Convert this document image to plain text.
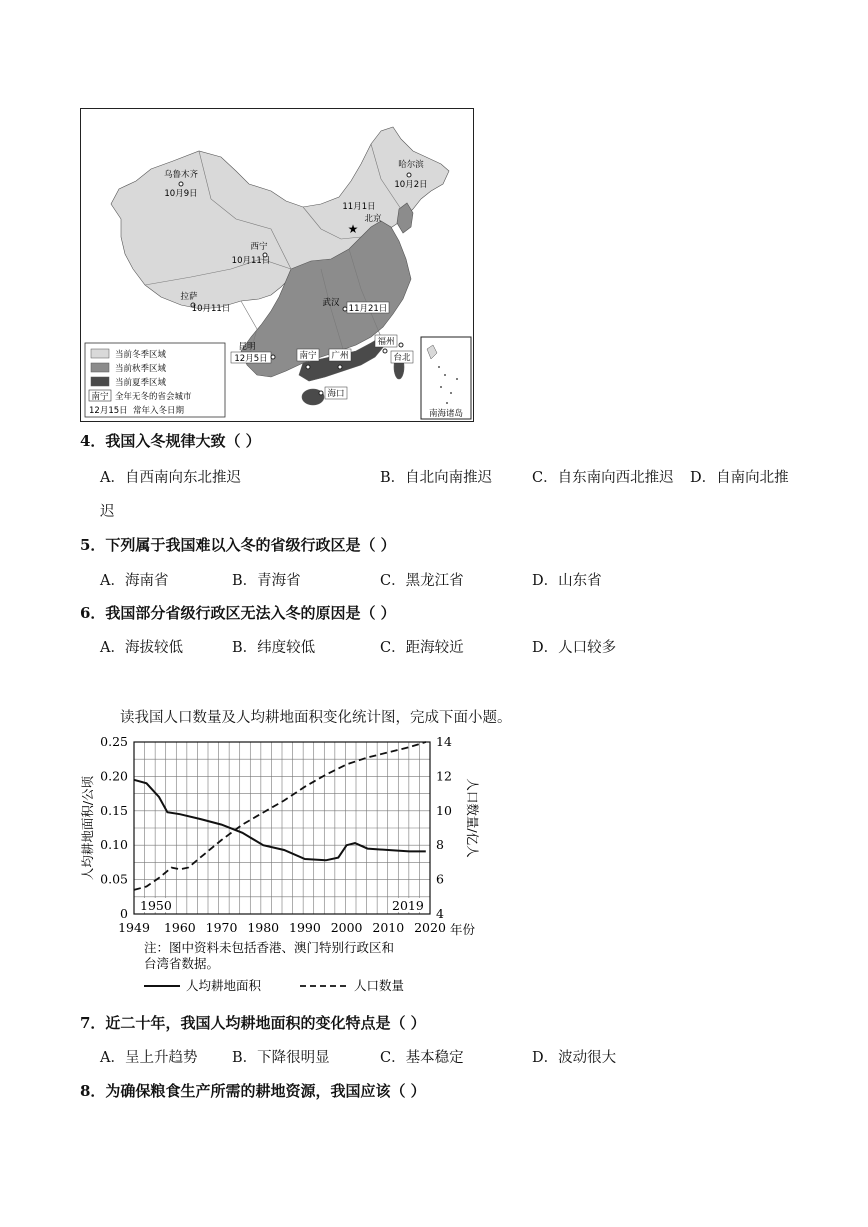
南海诸岛
当前冬季区域
当前秋季区域
当前夏季区域
南宁 全年无冬的省会城市
12月15日 常年入冬日期
乌鲁木齐
10月9日
哈尔滨
10月2日
11月1日
北京
★
西宁
10月11日
拉萨
10月11日
武汉
11月21日
昆明
12月5日	南宁 广州
福州
台北
海口
4．我国入冬规律大致（ ）
A．自西南向东北推迟	B．自北向南推迟	C．自东南向西北推迟 D．自南向北推
迟
5．下列属于我国难以入冬的省级行政区是（ ）
A．海南省	B．青海省	C．黑龙江省	D．山东省
6．我国部分省级行政区无法入冬的原因是（ ）
A．海拔较低	B．纬度较低	C．距海较近	D．人口较多
读我国人口数量及人均耕地面积变化统计图，完成下面小题。
0
0.05
0.10
0.15
0.20
0.25
4
6
8
10
12
14
1949 1960 1970 1980 1990 2000 2010 2020
1950	2019
人均耕地面积/公顷	人口数量/亿人
年份
注：图中资料未包括香港、澳门特别行政区和
台湾省数据。
人均耕地面积	人口数量
7．近二十年，我国人均耕地面积的变化特点是（ ）
A．呈上升趋势 B．下降很明显	C．基本稳定	D．波动很大
8．为确保粮食生产所需的耕地资源，我国应该（ ）
